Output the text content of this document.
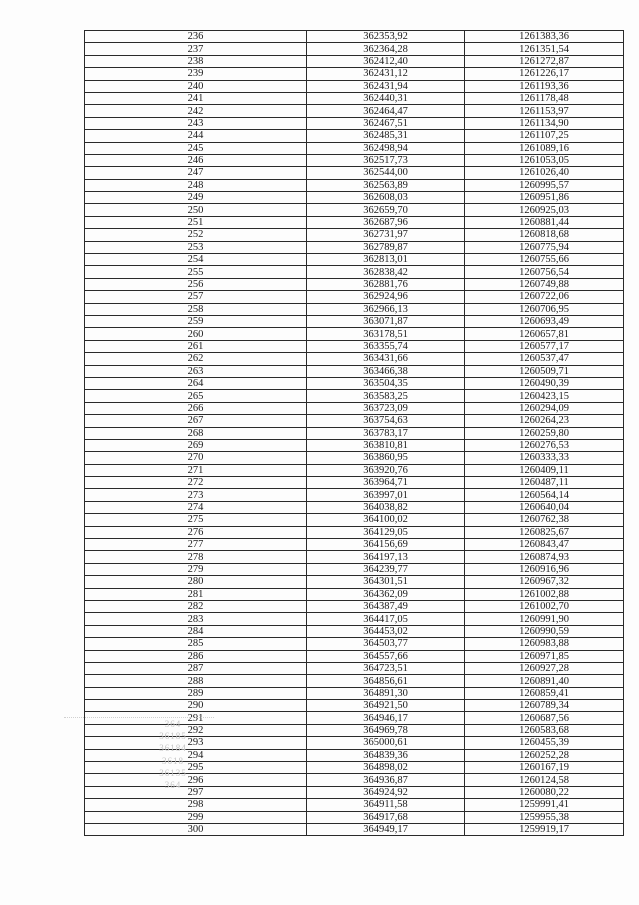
236	362353,92	1261383,36
237	362364,28	1261351,54
238	362412,40	1261272,87
239	362431,12	1261226,17
240	362431,94	1261193,36
241	362440,31	1261178,48
242	362464,47	1261153,97
243	362467,51	1261134,90
244	362485,31	1261107,25
245	362498,94	1261089,16
246	362517,73	1261053,05
247	362544,00	1261026,40
248	362563,89	1260995,57
249	362608,03	1260951,86
250	362659,70	1260925,03
251	362687,96	1260881,44
252	362731,97	1260818,68
253	362789,87	1260775,94
254	362813,01	1260755,66
255	362838,42	1260756,54
256	362881,76	1260749,88
257	362924,96	1260722,06
258	362966,13	1260706,95
259	363071,87	1260693,49
260	363178,51	1260657,81
261	363355,74	1260577,17
262	363431,66	1260537,47
263	363466,38	1260509,71
264	363504,35	1260490,39
265	363583,25	1260423,15
266	363723,09	1260294,09
267	363754,63	1260264,23
268	363783,17	1260259,80
269	363810,81	1260276,53
270	363860,95	1260333,33
271	363920,76	1260409,11
272	363964,71	1260487,11
273	363997,01	1260564,14
274	364038,82	1260640,04
275	364100,02	1260762,38
276	364129,05	1260825,67
277	364156,69	1260843,47
278	364197,13	1260874,93
279	364239,77	1260916,96
280	364301,51	1260967,32
281	364362,09	1261002,88
282	364387,49	1261002,70
283	364417,05	1260991,90
284	364453,02	1260990,59
285	364503,77	1260983,88
286	364557,66	1260971,85
287	364723,51	1260927,28
288	364856,61	1260891,40
289	364891,30	1260859,41
290	364921,50	1260789,34
291	364946,17	1260687,56
292	364969,78	1260583,68
293	365000,61	1260455,39
294	364839,36	1260252,28
295	364898,02	1260167,19
296	364936,87	1260124,58
297	364924,92	1260080,22
298	364911,58	1259991,41
299	364917,68	1259955,38
300	364949,17	1259919,17
364
36185
36184
3618
36135
364
